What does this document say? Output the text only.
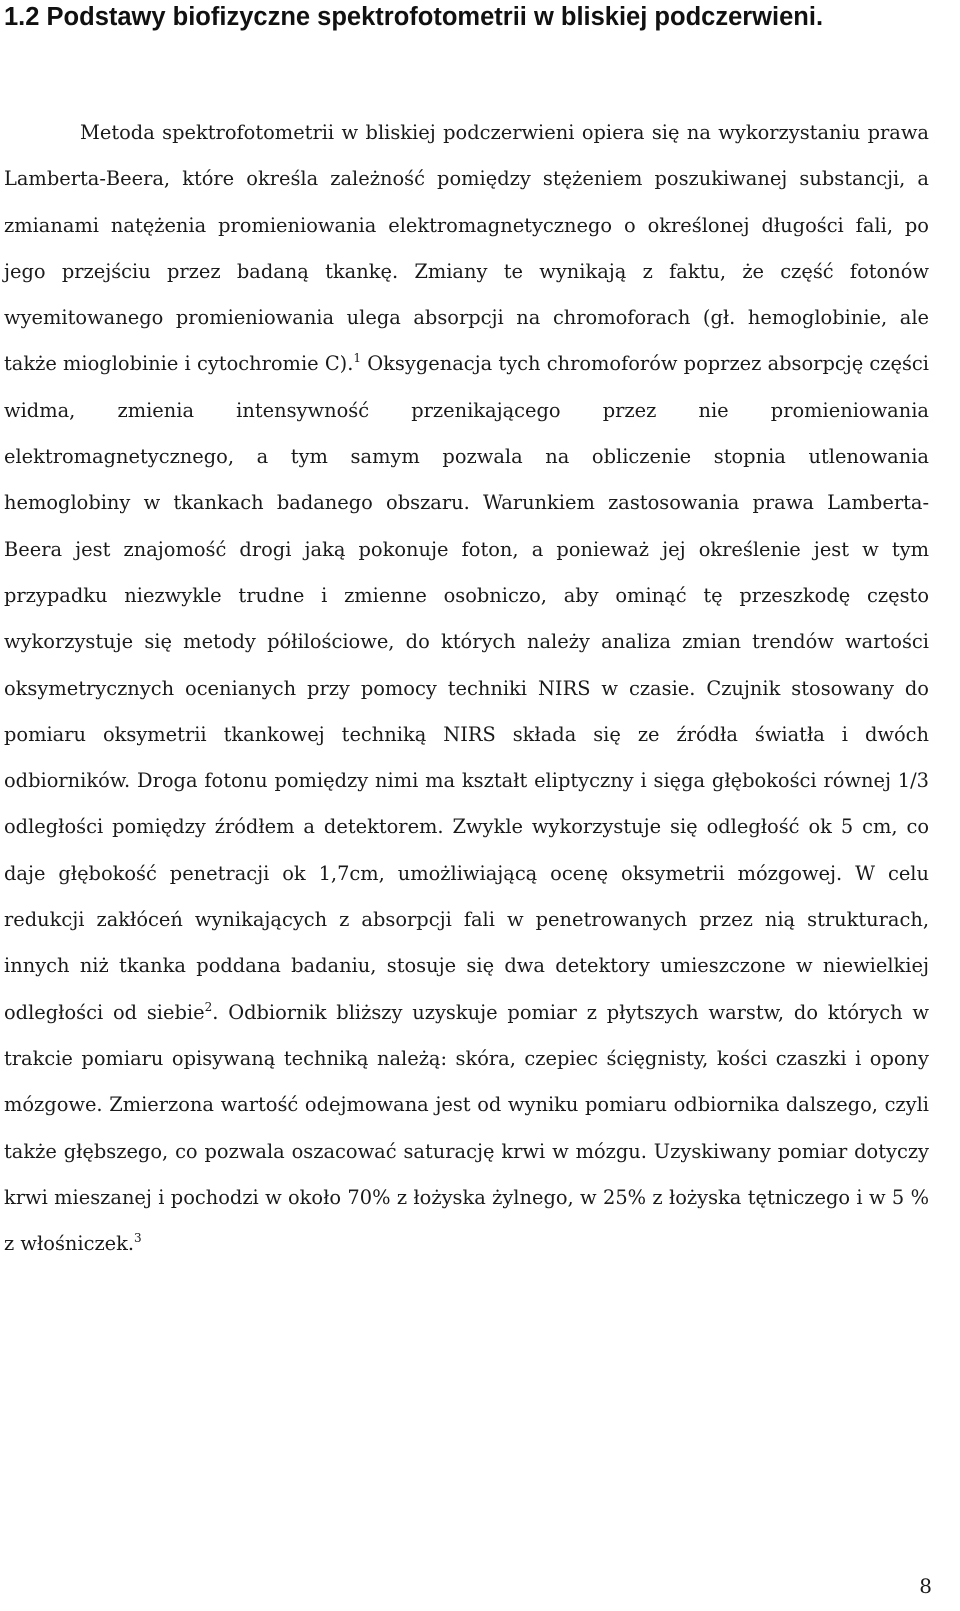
1.2 Podstawy biofizyczne spektrofotometrii w bliskiej podczerwieni.

Metoda spektrofotometrii w bliskiej podczerwieni opiera się na wykorzystaniu prawa Lamberta-Beera, które określa zależność pomiędzy stężeniem poszukiwanej substancji, a zmianami natężenia promieniowania elektromagnetycznego o określonej długości fali, po jego przejściu przez badaną tkankę. Zmiany te wynikają z faktu, że część fotonów wyemitowanego promieniowania ulega absorpcji na chromoforach (gł. hemoglobinie, ale także mioglobinie i cytochromie C).$^1$ Oksygenacja tych chromoforów poprzez absorpcję części widma, zmienia intensywność przenikającego przez nie promieniowania elektromagnetycznego, a tym samym pozwala na obliczenie stopnia utlenowania hemoglobiny w tkankach badanego obszaru. Warunkiem zastosowania prawa Lamberta-Beera jest znajomość drogi jaką pokonuje foton, a ponieważ jej określenie jest w tym przypadku niezwykle trudne i zmienne osobniczo, aby ominąć tę przeszkodę często wykorzystuje się metody półilościowe, do których należy analiza zmian trendów wartości oksymetrycznych ocenianych przy pomocy techniki NIRS w czasie. Czujnik stosowany do pomiaru oksymetrii tkankowej techniką NIRS składa się ze źródła światła i dwóch odbiorników. Droga fotonu pomiędzy nimi ma kształt eliptyczny i sięga głębokości równej 1/3 odległości pomiędzy źródłem a detektorem. Zwykle wykorzystuje się odległość ok 5 cm, co daje głębokość penetracji ok 1,7cm, umożliwiającą ocenę oksymetrii mózgowej. W celu redukcji zakłóceń wynikających z absorpcji fali w penetrowanych przez nią strukturach, innych niż tkanka poddana badaniu, stosuje się dwa detektory umieszczone w niewielkiej odległości od siebie$^2$. Odbiornik bliższy uzyskuje pomiar z płytszych warstw, do których w trakcie pomiaru opisywaną techniką należą: skóra, czepiec ścięgnisty, kości czaszki i opony mózgowe. Zmierzona wartość odejmowana jest od wyniku pomiaru odbiornika dalszego, czyli także głębszego, co pozwala oszacować saturację krwi w mózgu. Uzyskiwany pomiar dotyczy krwi mieszanej i pochodzi w około 70% z łożyska żylnego, w 25% z łożyska tętniczego i w 5 % z włośniczek.$^3$

8
